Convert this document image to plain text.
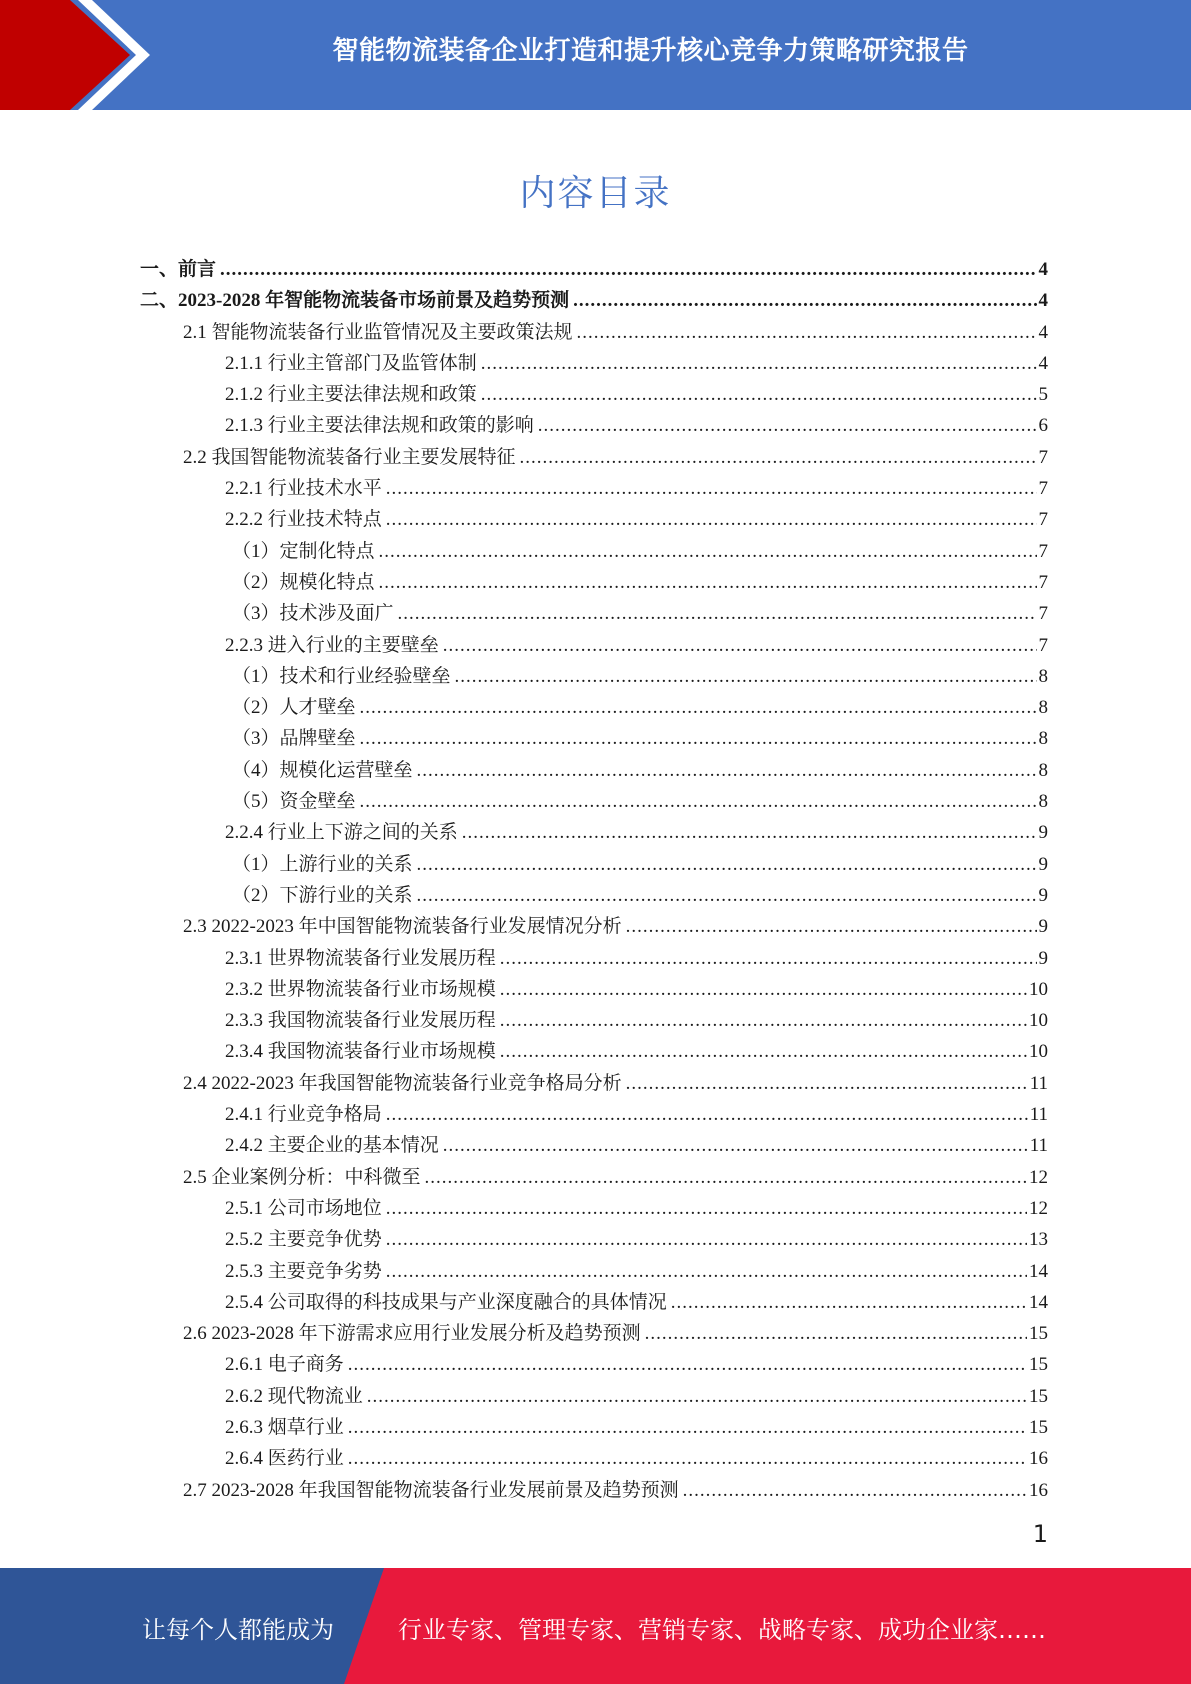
智能物流装备企业打造和提升核心竞争力策略研究报告
内容目录
一、前言 .....	4
二、2023-2028 年智能物流装备市场前景及趋势预测 .....	4
2.1 智能物流装备行业监管情况及主要政策法规 .....	4
2.1.1 行业主管部门及监管体制 .....	4
2.1.2 行业主要法律法规和政策 .....	5
2.1.3 行业主要法律法规和政策的影响 .....	6
2.2 我国智能物流装备行业主要发展特征 .....	7
2.2.1 行业技术水平 .....	7
2.2.2 行业技术特点 .....	7
（1）定制化特点 .....	7
（2）规模化特点 .....	7
（3）技术涉及面广 .....	7
2.2.3 进入行业的主要壁垒 .....	7
（1）技术和行业经验壁垒 .....	8
（2）人才壁垒 .....	8
（3）品牌壁垒 .....	8
（4）规模化运营壁垒 .....	8
（5）资金壁垒 .....	8
2.2.4 行业上下游之间的关系 .....	9
（1）上游行业的关系 .....	9
（2）下游行业的关系 .....	9
2.3 2022-2023 年中国智能物流装备行业发展情况分析 .....	9
2.3.1 世界物流装备行业发展历程 .....	9
2.3.2 世界物流装备行业市场规模 .....	10
2.3.3 我国物流装备行业发展历程 .....	10
2.3.4 我国物流装备行业市场规模 .....	10
2.4 2022-2023 年我国智能物流装备行业竞争格局分析 .....	11
2.4.1 行业竞争格局 .....	11
2.4.2 主要企业的基本情况 .....	11
2.5 企业案例分析：中科微至 .....	12
2.5.1 公司市场地位 .....	12
2.5.2 主要竞争优势 .....	13
2.5.3 主要竞争劣势 .....	14
2.5.4 公司取得的科技成果与产业深度融合的具体情况 .....	14
2.6 2023-2028 年下游需求应用行业发展分析及趋势预测 .....	15
2.6.1 电子商务 .....	15
2.6.2 现代物流业 .....	15
2.6.3 烟草行业 .....	15
2.6.4 医药行业 .....	16
2.7 2023-2028 年我国智能物流装备行业发展前景及趋势预测 .....	16
1
让每个人都能成为	行业专家、管理专家、营销专家、战略专家、成功企业家……
